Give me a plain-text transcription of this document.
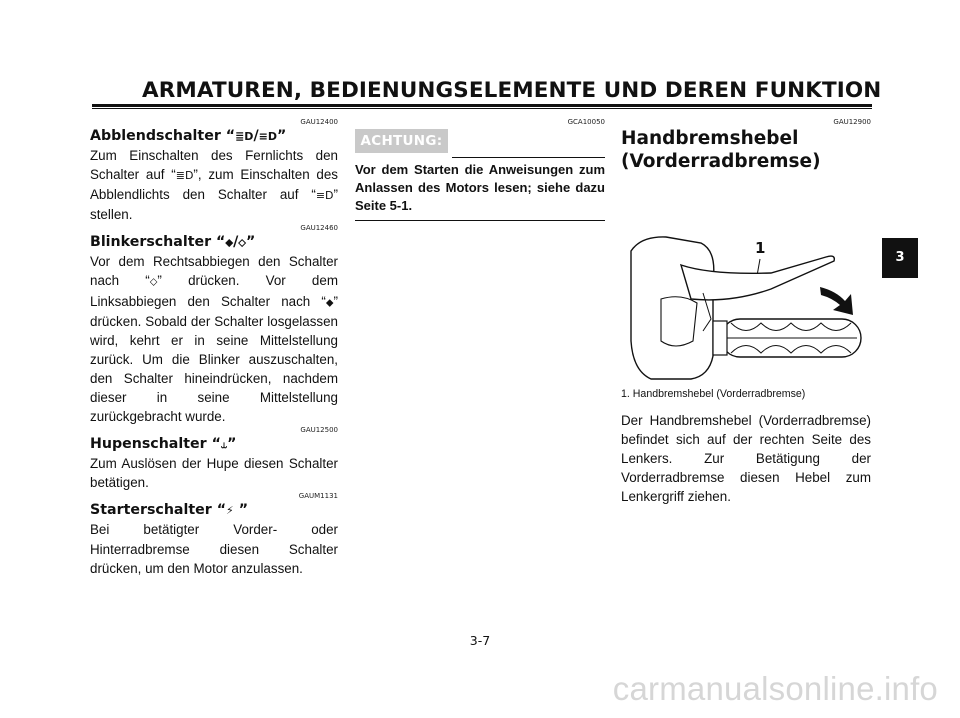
ARMATUREN, BEDIENUNGSELEMENTE UND DEREN FUNKTION
GAU12400

Abblendschalter “≣D/≡D”

Zum Einschalten des Fernlichts den Schalter auf “≣D”, zum Einschalten des Abblendlichts den Schalter auf “≡D” stellen.

GAU12460

Blinkerschalter “⬥/⬦”

Vor dem Rechtsabbiegen den Schalter nach “⬦” drücken. Vor dem Linksabbiegen den Schalter nach “⬥” drücken. Sobald der Schalter losgelassen wird, kehrt er in seine Mittelstellung zurück. Um die Blinker auszuschalten, den Schalter hineindrücken, nachdem dieser in seine Mittelstellung zurückgebracht wurde.

GAU12500

Hupenschalter “⥿”

Zum Auslösen der Hupe diesen Schalter betätigen.

GAUM1131

Starterschalter “⚡ ”

Bei betätigter Vorder- oder Hinterradbremse diesen Schalter drücken, um den Motor anzulassen.

GCA10050
ACHTUNG:
Vor dem Starten die Anweisungen zum Anlassen des Motors lesen; siehe dazu Seite 5-1.
GAU12900

Handbremshebel (Vorderradbremse)

1
1. Handbremshebel (Vorderradbremse)

Der Handbremshebel (Vorderradbremse) befindet sich auf der rechten Seite des Lenkers. Zur Betätigung der Vorderradbremse diesen Hebel zum Lenkergriff ziehen.

3
3-7
carmanualsonline.info
